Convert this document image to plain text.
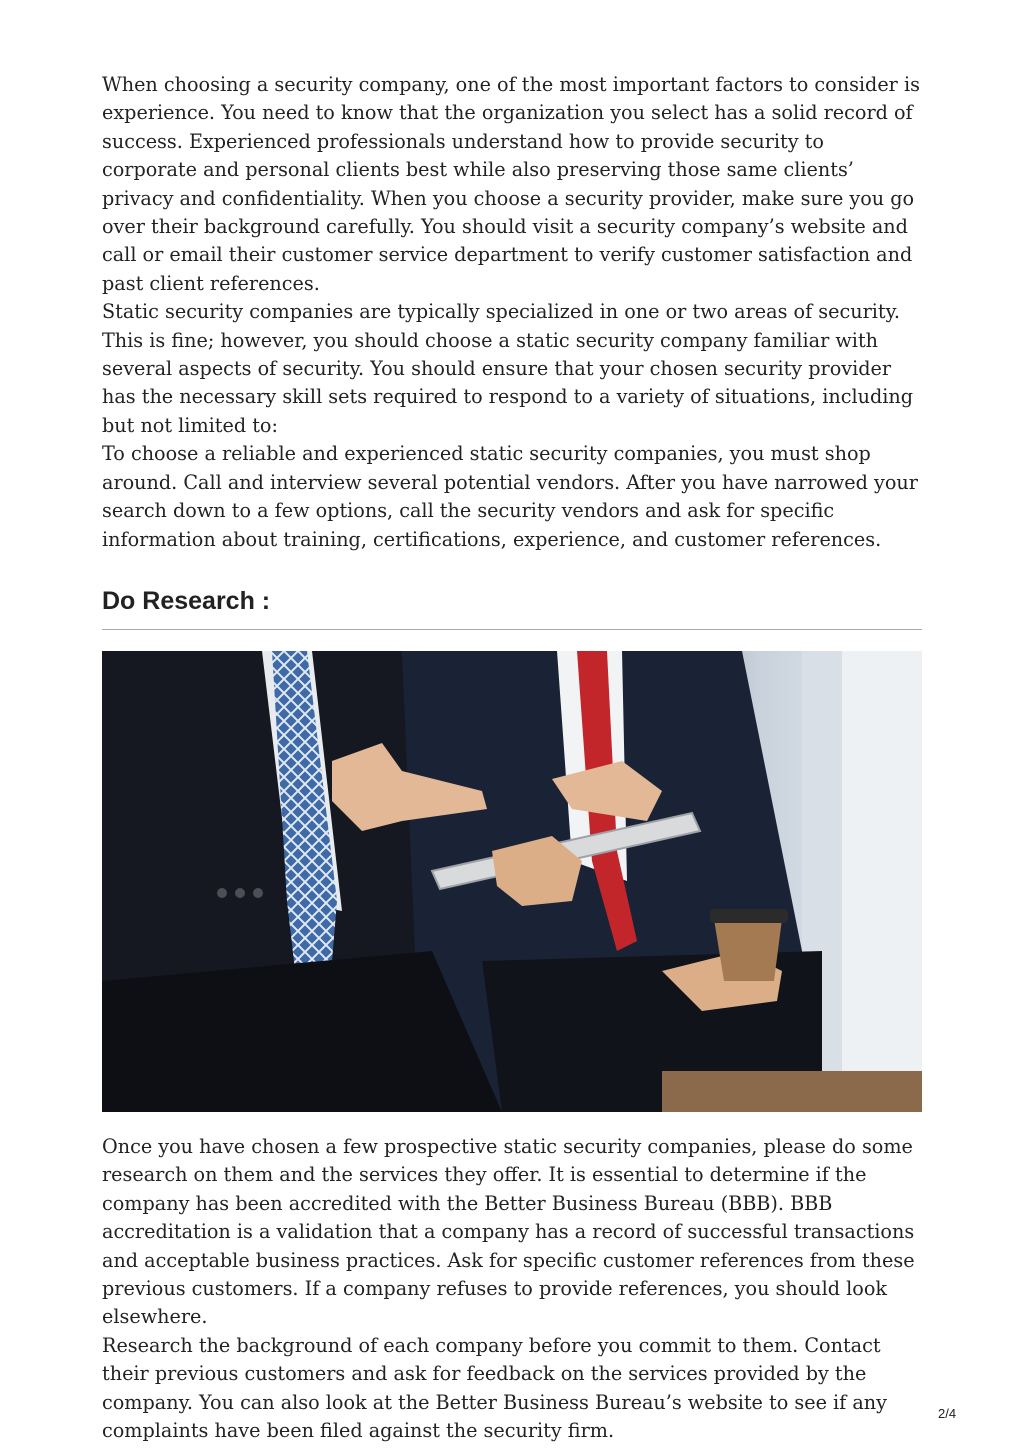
When choosing a security company, one of the most important factors to consider is experience. You need to know that the organization you select has a solid record of success. Experienced professionals understand how to provide security to corporate and personal clients best while also preserving those same clients’ privacy and confidentiality. When you choose a security provider, make sure you go over their background carefully. You should visit a security company’s website and call or email their customer service department to verify customer satisfaction and past client references.

Static security companies are typically specialized in one or two areas of security. This is fine; however, you should choose a static security company familiar with several aspects of security. You should ensure that your chosen security provider has the necessary skill sets required to respond to a variety of situations, including but not limited to:

To choose a reliable and experienced static security companies, you must shop around. Call and interview several potential vendors. After you have narrowed your search down to a few options, call the security vendors and ask for specific information about training, certifications, experience, and customer references.

Do Research :

Once you have chosen a few prospective static security companies, please do some research on them and the services they offer. It is essential to determine if the company has been accredited with the Better Business Bureau (BBB). BBB accreditation is a validation that a company has a record of successful transactions and acceptable business practices. Ask for specific customer references from these previous customers. If a company refuses to provide references, you should look elsewhere.

Research the background of each company before you commit to them. Contact their previous customers and ask for feedback on the services provided by the company. You can also look at the Better Business Bureau’s website to see if any complaints have been filed against the security firm.

2/4
